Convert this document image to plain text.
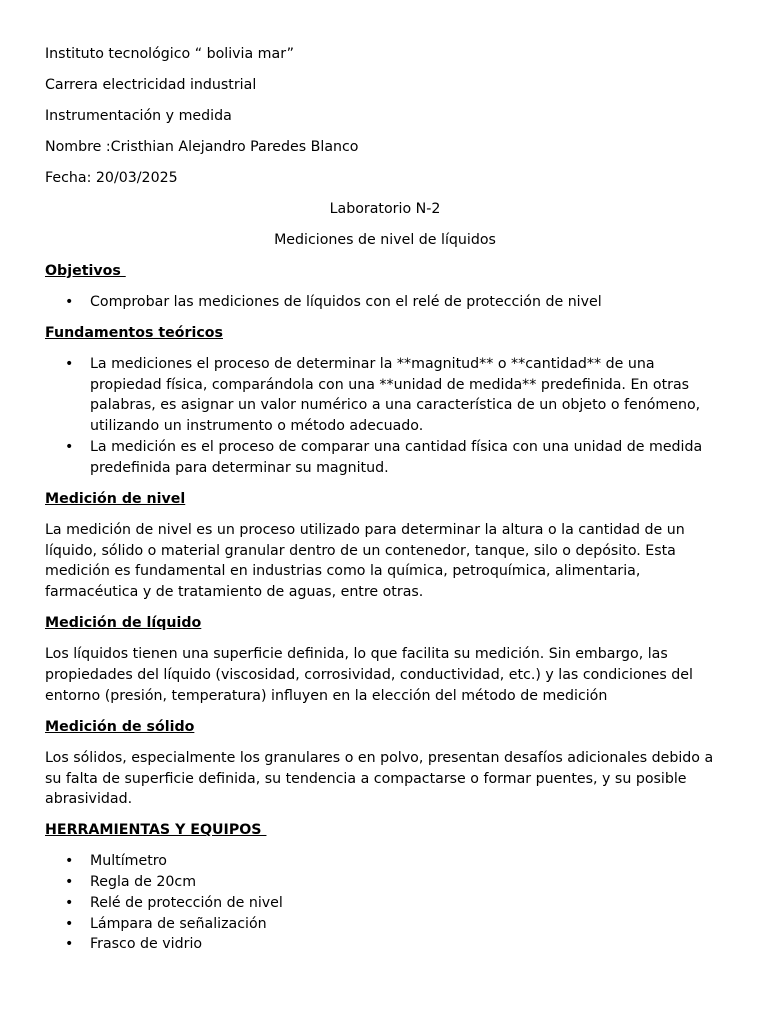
Instituto tecnológico “ bolivia mar”

Carrera electricidad industrial

Instrumentación y medida

Nombre :Cristhian Alejandro Paredes Blanco

Fecha: 20/03/2025

Laboratorio N-2

Mediciones de nivel de líquidos

Objetivos

• Comprobar las mediciones de líquidos con el relé de protección de nivel

Fundamentos teóricos

• La mediciones el proceso de determinar la **magnitud** o **cantidad** de una propiedad física, comparándola con una **unidad de medida** predefinida. En otras palabras, es asignar un valor numérico a una característica de un objeto o fenómeno, utilizando un instrumento o método adecuado.
• La medición es el proceso de comparar una cantidad física con una unidad de medida predefinida para determinar su magnitud.

Medición de nivel

La medición de nivel es un proceso utilizado para determinar la altura o la cantidad de un líquido, sólido o material granular dentro de un contenedor, tanque, silo o depósito. Esta medición es fundamental en industrias como la química, petroquímica, alimentaria, farmacéutica y de tratamiento de aguas, entre otras.

Medición de líquido

Los líquidos tienen una superficie definida, lo que facilita su medición. Sin embargo, las propiedades del líquido (viscosidad, corrosividad, conductividad, etc.) y las condiciones del entorno (presión, temperatura) influyen en la elección del método de medición

Medición de sólido

Los sólidos, especialmente los granulares o en polvo, presentan desafíos adicionales debido a su falta de superficie definida, su tendencia a compactarse o formar puentes, y su posible abrasividad.

HERRAMIENTAS Y EQUIPOS

• Multímetro
• Regla de 20cm
• Relé de protección de nivel
• Lámpara de señalización
• Frasco de vidrio
